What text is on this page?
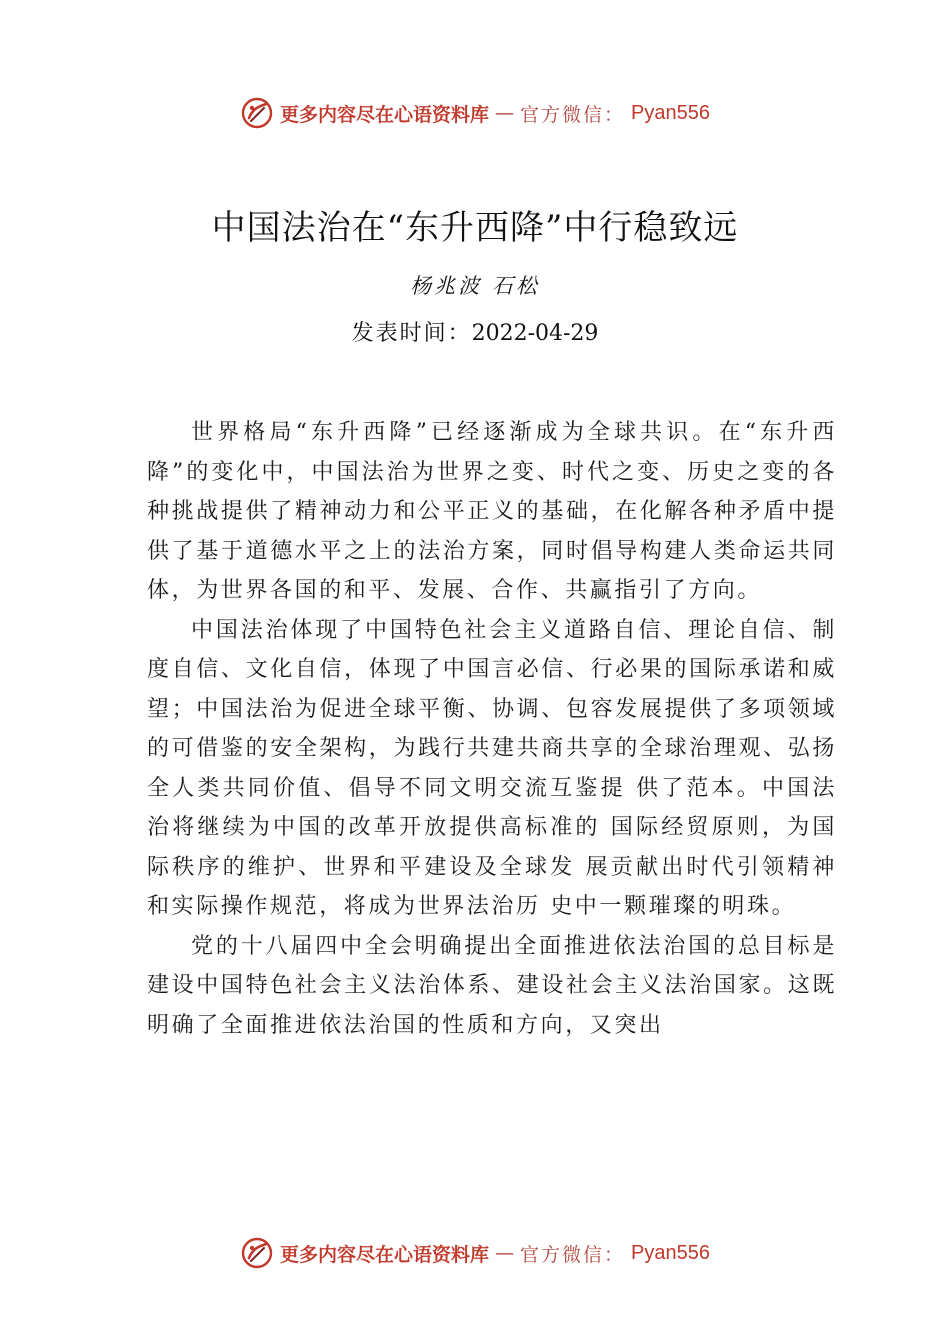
更多内容尽在心语资料库 — 官方微信： Pyan556
中国法治在“东升西降”中行稳致远
杨兆波 石松
发表时间：2022-04-29

世界格局“东升西降”已经逐渐成为全球共识。在“东升西降”的变化中，中国法治为世界之变、时代之变、历史之变的各种挑战提供了精神动力和公平正义的基础，在化解各种矛盾中提供了基于道德水平之上的法治方案，同时倡导构建人类命运共同体，为世界各国的和平、发展、合作、共赢指引了方向。

中国法治体现了中国特色社会主义道路自信、理论自信、制度自信、文化自信，体现了中国言必信、行必果的国际承诺和威望；中国法治为促进全球平衡、协调、包容发展提供了多项领域的可借鉴的安全架构，为践行共建共商共享的全球治理观、弘扬全人类共同价值、倡导不同文明交流互鉴提 供了范本。中国法治将继续为中国的改革开放提供高标准的 国际经贸原则，为国际秩序的维护、世界和平建设及全球发 展贡献出时代引领精神和实际操作规范，将成为世界法治历 史中一颗璀璨的明珠。

党的十八届四中全会明确提出全面推进依法治国的总目标是建设中国特色社会主义法治体系、建设社会主义法治国家。这既明确了全面推进依法治国的性质和方向，又突出

更多内容尽在心语资料库 — 官方微信： Pyan556
